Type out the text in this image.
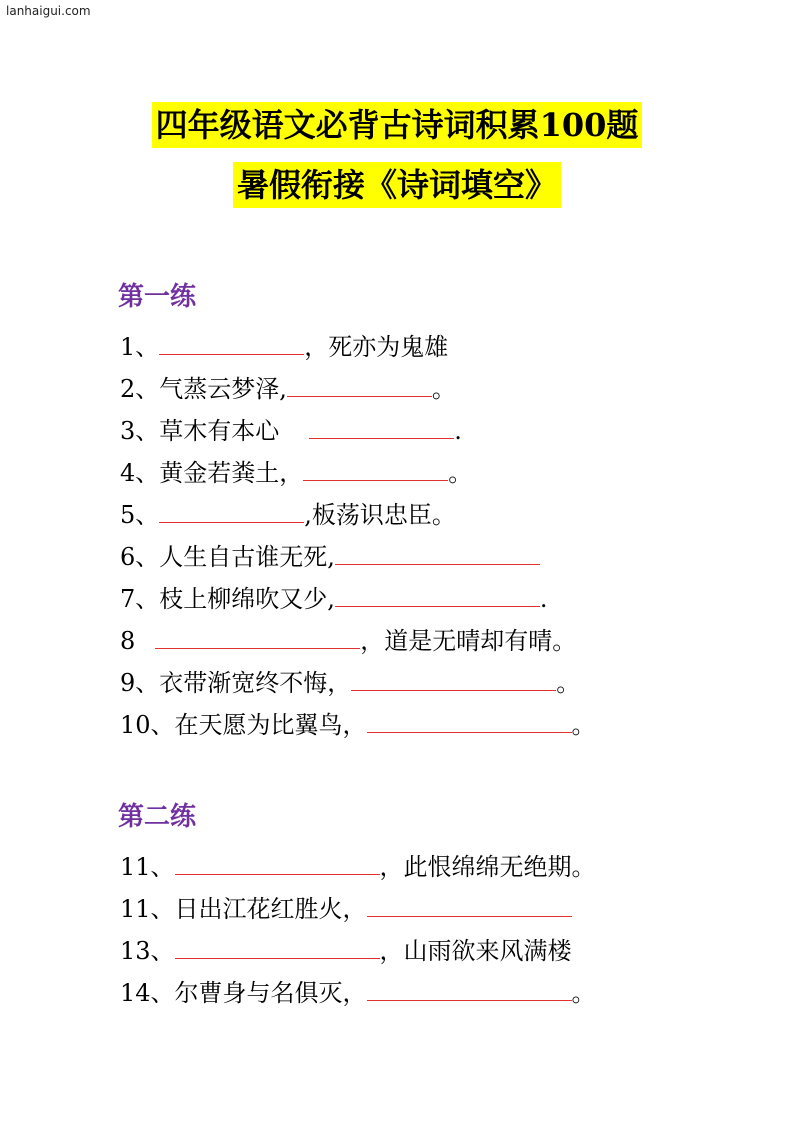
lanhaigui.com
四年级语文必背古诗词积累100题
暑假衔接《诗词填空》
第一练
1、	，死亦为鬼雄
2、气蒸云梦泽,	。
3、草木有本心	.
4、黄金若粪土，	。
5、	,板荡识忠臣。
6、人生自古谁无死,
7、枝上柳绵吹又少,	.
8	，道是无晴却有晴。
9、衣带渐宽终不悔，	。
10、在天愿为比翼鸟，	。
第二练
11、	，此恨绵绵无绝期。
11、日出江花红胜火，
13、	，山雨欲来风满楼
14、尔曹身与名俱灭，	。
